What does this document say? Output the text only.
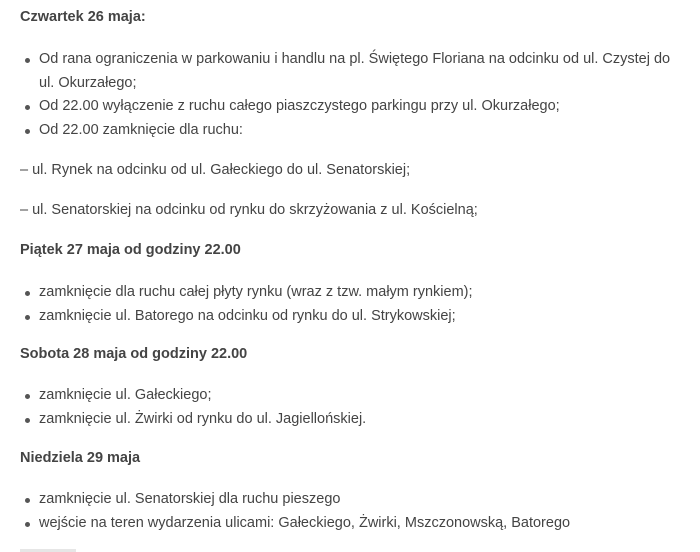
Czwartek 26 maja:

Od rana ograniczenia w parkowaniu i handlu na pl. Świętego Floriana na odcinku od ul. Czystej do ul. Okurzałego;
Od 22.00 wyłączenie z ruchu całego piaszczystego parkingu przy ul. Okurzałego;
Od 22.00 zamknięcie dla ruchu:
– ul. Rynek na odcinku od ul. Gałeckiego do ul. Senatorskiej;
– ul. Senatorskiej na odcinku od rynku do skrzyżowania z ul. Kościelną;

Piątek 27 maja od godziny 22.00

zamknięcie dla ruchu całej płyty rynku (wraz z tzw. małym rynkiem);
zamknięcie ul. Batorego na odcinku od rynku do ul. Strykowskiej;

Sobota 28 maja od godziny 22.00

zamknięcie ul. Gałeckiego;
zamknięcie ul. Żwirki od rynku do ul. Jagiellońskiej.

Niedziela 29 maja

zamknięcie ul. Senatorskiej dla ruchu pieszego
wejście na teren wydarzenia ulicami: Gałeckiego, Żwirki, Mszczonowską, Batorego
